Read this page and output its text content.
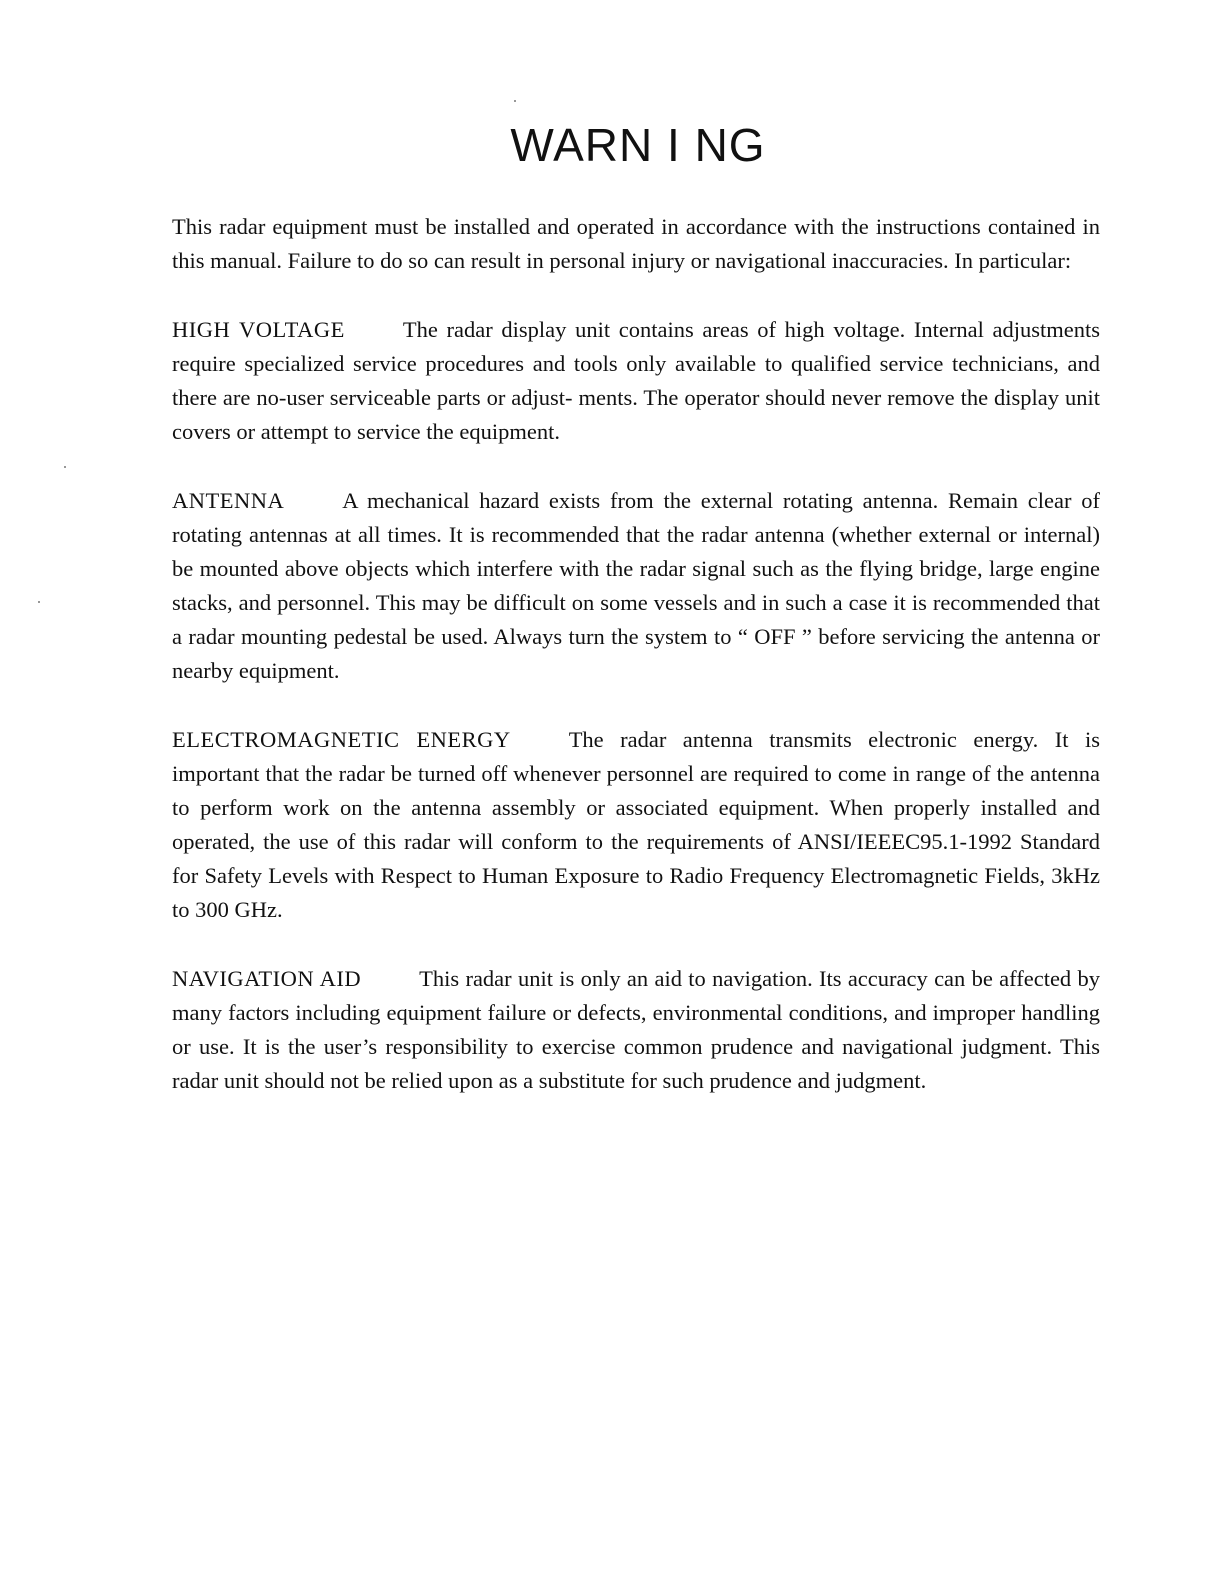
WARN I NG

This radar equipment must be installed and operated in accordance with the instructions contained in this manual. Failure to do so can result in personal injury or navigational inaccuracies. In particular:

HIGH VOLTAGE	The radar display unit contains areas of high voltage. Internal adjustments require specialized service procedures and tools only available to qualified service technicians, and there are no-user serviceable parts or adjust- ments. The operator should never remove the display unit covers or attempt to service the equipment.

ANTENNA	A mechanical hazard exists from the external rotating antenna. Remain clear of rotating antennas at all times. It is recommended that the radar antenna (whether external or internal) be mounted above objects which interfere with the radar signal such as the flying bridge, large engine stacks, and personnel. This may be difficult on some vessels and in such a case it is recommended that a radar mounting pedestal be used. Always turn the system to “ OFF ” before servicing the antenna or nearby equipment.

ELECTROMAGNETIC ENERGY	The radar antenna transmits electronic energy. It is important that the radar be turned off whenever personnel are required to come in range of the antenna to perform work on the antenna assembly or associated equipment. When properly installed and operated, the use of this radar will conform to the requirements of ANSI/IEEEC95.1-1992 Standard for Safety Levels with Respect to Human Exposure to Radio Frequency Electromagnetic Fields, 3kHz to 300 GHz.

NAVIGATION AID	This radar unit is only an aid to navigation. Its accuracy can be affected by many factors including equipment failure or defects, environmental conditions, and improper handling or use. It is the user’s responsibility to exercise common prudence and navigational judgment. This radar unit should not be relied upon as a substitute for such prudence and judgment.
